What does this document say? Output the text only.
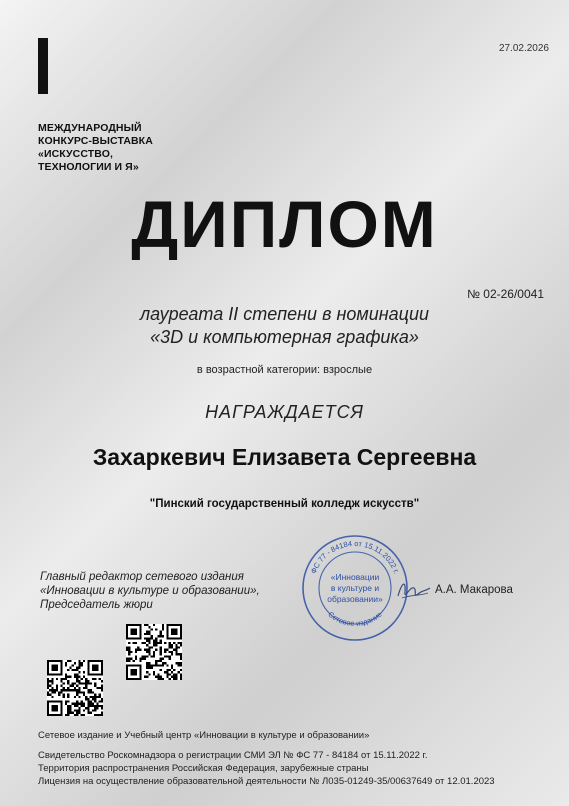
27.02.2026
МЕЖДУНАРОДНЫЙ
КОНКУРС-ВЫСТАВКА
«ИСКУССТВО,
ТЕХНОЛОГИИ И Я»
ДИПЛОМ
№ 02-26/0041
лауреата II степени в номинации
«3D и компьютерная графика»
в возрастной категории: взрослые
НАГРАЖДАЕТСЯ
Захаркевич Елизавета Сергеевна
"Пинский государственный колледж искусств"
Главный редактор сетевого издания
«Инновации в культуре и образовании»,
Председатель жюри
ФС 77 - 84184 от 15.11.2022 г.
Сетевое издание
«Инновации
в культуре и
образовании»
А.А. Макарова
Сетевое издание и Учебный центр «Инновации в культуре и образовании»
Свидетельство Роскомнадзора о регистрации СМИ ЭЛ № ФС 77 - 84184 от 15.11.2022 г.
Территория распространения Российская Федерация, зарубежные страны
Лицензия на осуществление образовательной деятельности № Л035-01249-35/00637649 от 12.01.2023
